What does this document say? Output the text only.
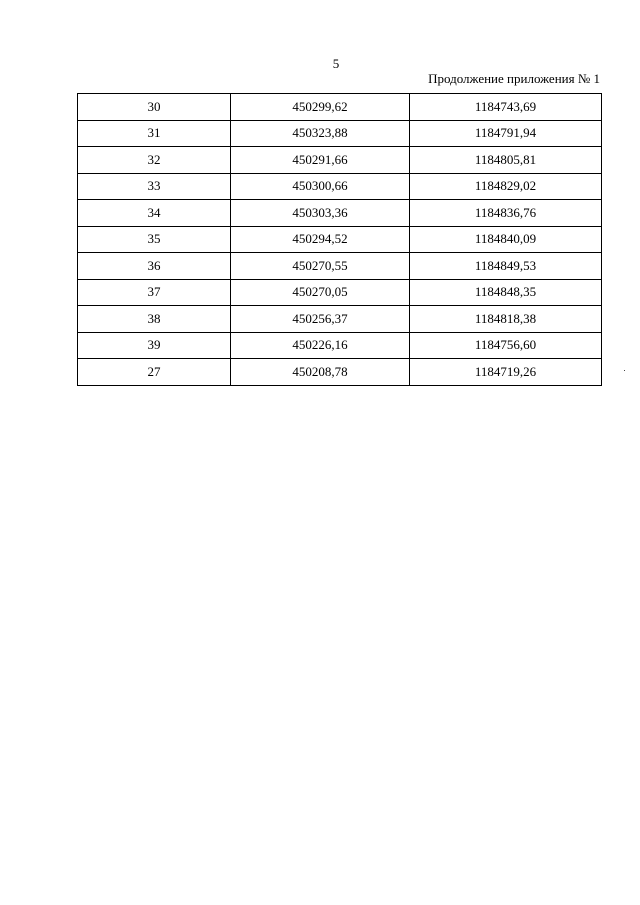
5
Продолжение приложения № 1
30	450299,62	1184743,69
31	450323,88	1184791,94
32	450291,66	1184805,81
33	450300,66	1184829,02
34	450303,36	1184836,76
35	450294,52	1184840,09
36	450270,55	1184849,53
37	450270,05	1184848,35
38	450256,37	1184818,38
39	450226,16	1184756,60
27	450208,78	1184719,26
